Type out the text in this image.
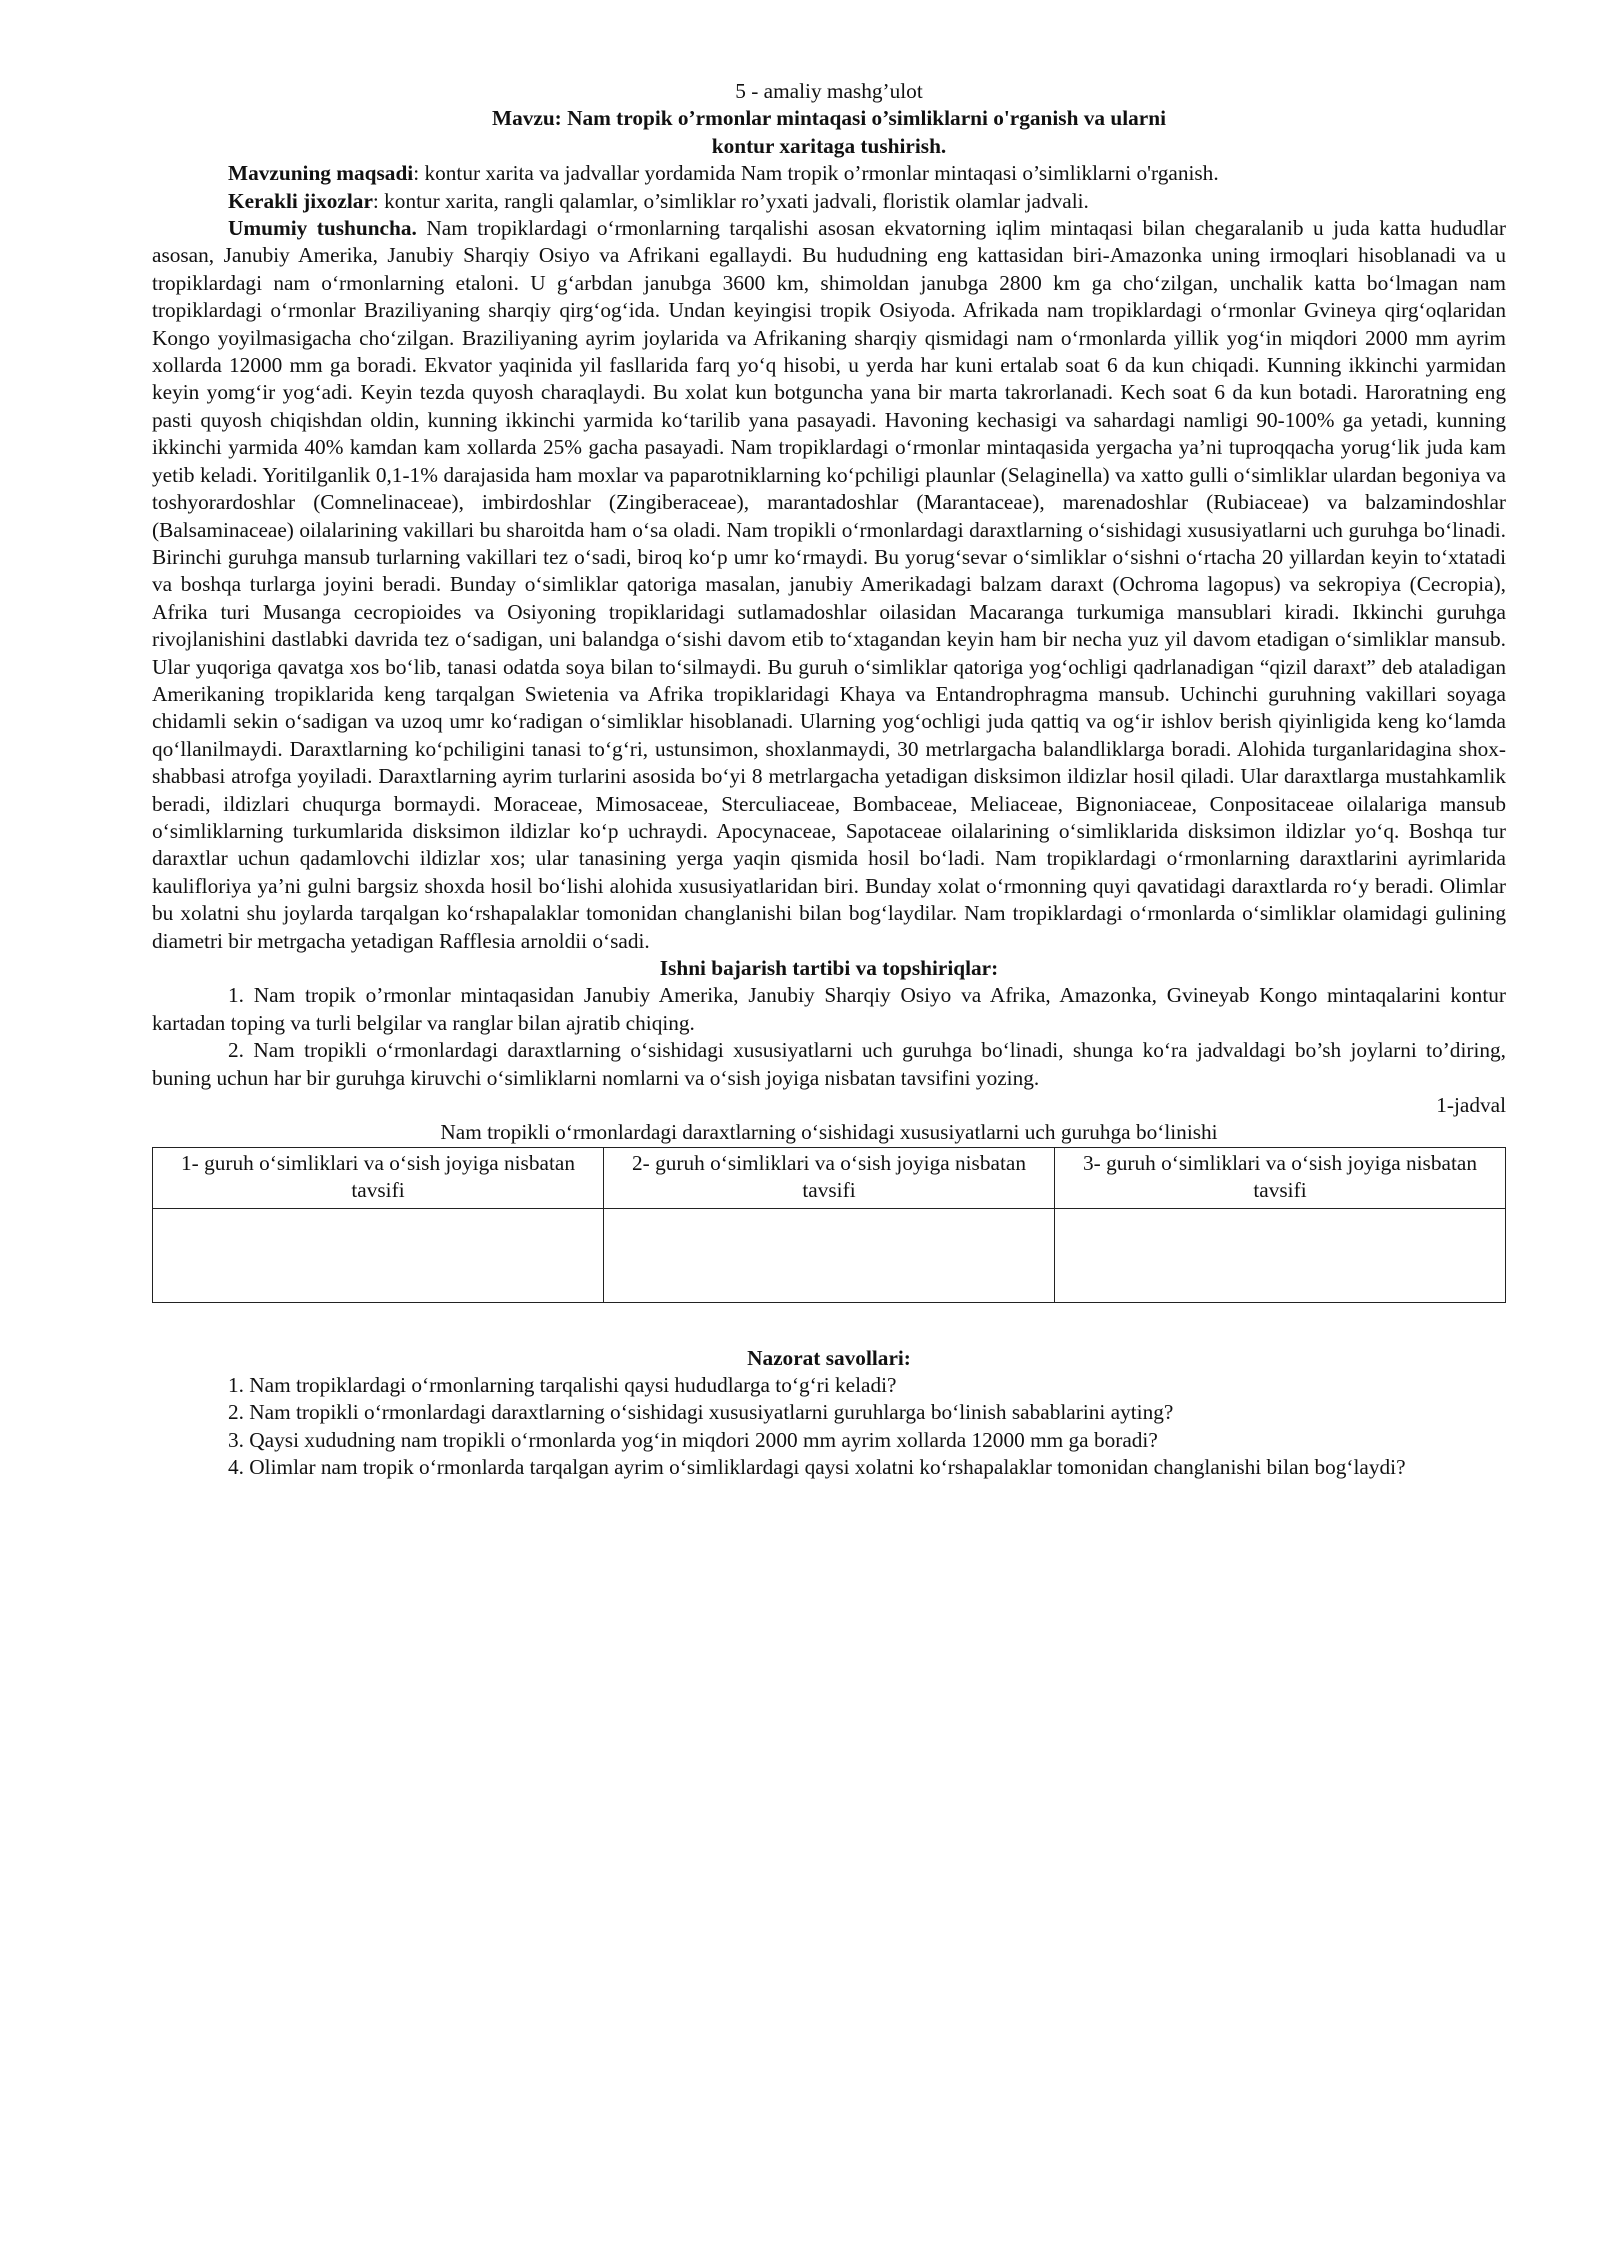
5 - amaliy mashg’ulot

Mavzu: Nam tropik o’rmonlar mintaqasi o’simliklarni o'rganish va ularni

kontur xaritaga tushirish.

Mavzuning maqsadi: kontur xarita va jadvallar yordamida Nam tropik o’rmonlar mintaqasi o’simliklarni o'rganish.

Kerakli jixozlar: kontur xarita, rangli qalamlar, o’simliklar ro’yxati jadvali, floristik olamlar jadvali.

Umumiy tushuncha. Nam tropiklardagi o‘rmonlarning tarqalishi asosan ekvatorning iqlim mintaqasi bilan chegaralanib u juda katta hududlar asosan, Janubiy Amerika, Janubiy Sharqiy Osiyo va Afrikani egallaydi. Bu hududning eng kattasidan biri-Amazonka uning irmoqlari hisoblanadi va u tropiklardagi nam o‘rmonlarning etaloni. U g‘arbdan janubga 3600 km, shimoldan janubga 2800 km ga cho‘zilgan, unchalik katta bo‘lmagan nam tropiklardagi o‘rmonlar Braziliyaning sharqiy qirg‘og‘ida. Undan keyingisi tropik Osiyoda. Afrikada nam tropiklardagi o‘rmonlar Gvineya qirg‘oqlaridan Kongo yoyilmasigacha cho‘zilgan. Braziliyaning ayrim joylarida va Afrikaning sharqiy qismidagi nam o‘rmonlarda yillik yog‘in miqdori 2000 mm ayrim xollarda 12000 mm ga boradi. Ekvator yaqinida yil fasllarida farq yo‘q hisobi, u yerda har kuni ertalab soat 6 da kun chiqadi. Kunning ikkinchi yarmidan keyin yomg‘ir yog‘adi. Keyin tezda quyosh charaqlaydi. Bu xolat kun botguncha yana bir marta takrorlanadi. Kech soat 6 da kun botadi. Haroratning eng pasti quyosh chiqishdan oldin, kunning ikkinchi yarmida ko‘tarilib yana pasayadi. Havoning kechasigi va sahardagi namligi 90-100% ga yetadi, kunning ikkinchi yarmida 40% kamdan kam xollarda 25% gacha pasayadi. Nam tropiklardagi o‘rmonlar mintaqasida yergacha ya’ni tuproqqacha yorug‘lik juda kam yetib keladi. Yoritilganlik 0,1-1% darajasida ham moxlar va paparotniklarning ko‘pchiligi plaunlar (Selaginella) va xatto gulli o‘simliklar ulardan begoniya va toshyorardoshlar (Comnelinaceae), imbirdoshlar (Zingiberaceae), marantadoshlar (Marantaceae), marenadoshlar (Rubiaceae) va balzamindoshlar (Balsaminaceae) oilalarining vakillari bu sharoitda ham o‘sa oladi. Nam tropikli o‘rmonlardagi daraxtlarning o‘sishidagi xususiyatlarni uch guruhga bo‘linadi. Birinchi guruhga mansub turlarning vakillari tez o‘sadi, biroq ko‘p umr ko‘rmaydi. Bu yorug‘sevar o‘simliklar o‘sishni o‘rtacha 20 yillardan keyin to‘xtatadi va boshqa turlarga joyini beradi. Bunday o‘simliklar qatoriga masalan, janubiy Amerikadagi balzam daraxt (Ochroma lagopus) va sekropiya (Cecropia), Afrika turi Musanga cecropioides va Osiyoning tropiklaridagi sutlamadoshlar oilasidan Macaranga turkumiga mansublari kiradi. Ikkinchi guruhga rivojlanishini dastlabki davrida tez o‘sadigan, uni balandga o‘sishi davom etib to‘xtagandan keyin ham bir necha yuz yil davom etadigan o‘simliklar mansub. Ular yuqoriga qavatga xos bo‘lib, tanasi odatda soya bilan to‘silmaydi. Bu guruh o‘simliklar qatoriga yog‘ochligi qadrlanadigan “qizil daraxt” deb ataladigan Amerikaning tropiklarida keng tarqalgan Swietenia va Afrika tropiklaridagi Khaya va Entandrophragma mansub. Uchinchi guruhning vakillari soyaga chidamli sekin o‘sadigan va uzoq umr ko‘radigan o‘simliklar hisoblanadi. Ularning yog‘ochligi juda qattiq va og‘ir ishlov berish qiyinligida keng ko‘lamda qo‘llanilmaydi. Daraxtlarning ko‘pchiligini tanasi to‘g‘ri, ustunsimon, shoxlanmaydi, 30 metrlargacha balandliklarga boradi. Alohida turganlaridagina shox-shabbasi atrofga yoyiladi. Daraxtlarning ayrim turlarini asosida bo‘yi 8 metrlargacha yetadigan disksimon ildizlar hosil qiladi. Ular daraxtlarga mustahkamlik beradi, ildizlari chuqurga bormaydi. Moraceae, Mimosaceae, Sterculiaceae, Bombaceae, Meliaceae, Bignoniaceae, Conpositaceae oilalariga mansub o‘simliklarning turkumlarida disksimon ildizlar ko‘p uchraydi. Apocynaceae, Sapotaceae oilalarining o‘simliklarida disksimon ildizlar yo‘q. Boshqa tur daraxtlar uchun qadamlovchi ildizlar xos; ular tanasining yerga yaqin qismida hosil bo‘ladi. Nam tropiklardagi o‘rmonlarning daraxtlarini ayrimlarida kaulifloriya ya’ni gulni bargsiz shoxda hosil bo‘lishi alohida xususiyatlaridan biri. Bunday xolat o‘rmonning quyi qavatidagi daraxtlarda ro‘y beradi. Olimlar bu xolatni shu joylarda tarqalgan ko‘rshapalaklar tomonidan changlanishi bilan bog‘laydilar. Nam tropiklardagi o‘rmonlarda o‘simliklar olamidagi gulining diametri bir metrgacha yetadigan Rafflesia arnoldii o‘sadi.

Ishni bajarish tartibi va topshiriqlar:

1. Nam tropik o’rmonlar mintaqasidan Janubiy Amerika, Janubiy Sharqiy Osiyo va Afrika, Amazonka, Gvineyab Kongo mintaqalarini kontur kartadan toping va turli belgilar va ranglar bilan ajratib chiqing.

2. Nam tropikli o‘rmonlardagi daraxtlarning o‘sishidagi xususiyatlarni uch guruhga bo‘linadi, shunga ko‘ra jadvaldagi bo’sh joylarni to’diring, buning uchun har bir guruhga kiruvchi o‘simliklarni nomlarni va o‘sish joyiga nisbatan tavsifini yozing.

1-jadval

Nam tropikli o‘rmonlardagi daraxtlarning o‘sishidagi xususiyatlarni uch guruhga bo‘linishi

1- guruh o‘simliklari va o‘sish joyiga nisbatan tavsifi	2- guruh o‘simliklari va o‘sish joyiga nisbatan tavsifi	3- guruh o‘simliklari va o‘sish joyiga nisbatan tavsifi

Nazorat savollari:

1. Nam tropiklardagi o‘rmonlarning tarqalishi qaysi hududlarga to‘g‘ri keladi?

2. Nam tropikli o‘rmonlardagi daraxtlarning o‘sishidagi xususiyatlarni guruhlarga bo‘linish sabablarini ayting?

3. Qaysi xududning nam tropikli o‘rmonlarda yog‘in miqdori 2000 mm ayrim xollarda 12000 mm ga boradi?

4. Olimlar nam tropik o‘rmonlarda tarqalgan ayrim o‘simliklardagi qaysi xolatni ko‘rshapalaklar tomonidan changlanishi bilan bog‘laydi?
